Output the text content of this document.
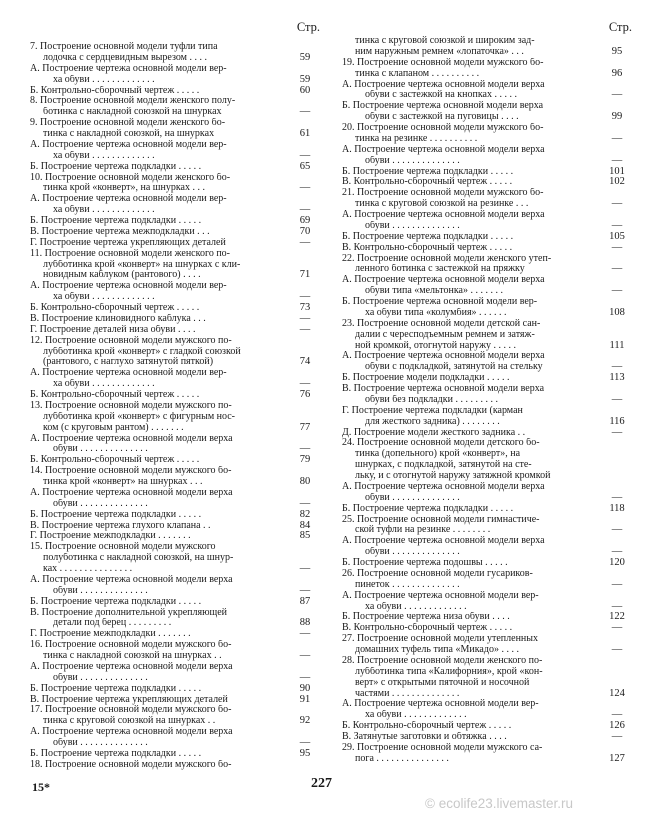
Стр.
7. Построение основной модели туфли типа
лодочка с сердцевидным вырезом . . . .	59
А. Построение чертежа основной модели вер-
ха обуви . . . . . . . . . . . . .	59
Б. Контрольно-сборочный чертеж . . . . .	60
8. Построение основной модели женского полу-
ботинка с накладной союзкой на шнурках	—
9. Построение основной модели женского бо-
тинка с накладной союзкой, на шнурках	61
А. Построение чертежа основной модели вер-
ха обуви . . . . . . . . . . . . .	—
Б. Построение чертежа подкладки . . . . .	65
10. Построение основной модели женского бо-
тинка крой «конверт», на шнурках . . .	—
А. Построение чертежа основной модели вер-
ха обуви . . . . . . . . . . . . .	—
Б. Построение чертежа подкладки . . . . .	69
В. Построение чертежа межподкладки . . .	70
Г. Построение чертежа укрепляющих деталей	—
11. Построение основной модели женского по-
лубботинка крой «конверт» на шнурках с кли-
новидным каблуком (рантового) . . . .	71
А. Построение чертежа основной модели вер-
ха обуви . . . . . . . . . . . . .	—
Б. Контрольно-сборочный чертеж . . . . .	73
В. Построение клиновидного каблука . . .	—
Г. Построение деталей низа обуви . . . .	—
12. Построение основной модели мужского по-
лубботинка крой «конверт» с гладкой союзкой
(рантового, с наглухо затянутой пяткой)	74
А. Построение чертежа основной модели вер-
ха обуви . . . . . . . . . . . . .	—
Б. Контрольно-сборочный чертеж . . . . .	76
13. Построение основной модели мужского по-
лубботинка крой «конверт» с фигурным нос-
ком (с круговым рантом) . . . . . . .	77
А. Построение чертежа основной модели верха
обуви . . . . . . . . . . . . . .	—
Б. Контрольно-сборочный чертеж . . . . .	79
14. Построение основной модели мужского бо-
тинка крой «конверт» на шнурках . . .	80
А. Построение чертежа основной модели верха
обуви . . . . . . . . . . . . . .	—
Б. Построение чертежа подкладки . . . . .	82
В. Построение чертежа глухого клапана . .	84
Г. Построение межподкладки . . . . . . .	85
15. Построение основной модели мужского
полуботинка с накладной союзкой, на шнур-
ках . . . . . . . . . . . . . . .	—
А. Построение чертежа основной модели верха
обуви . . . . . . . . . . . . . .	—
Б. Построение чертежа подкладки . . . . .	87
В. Построение дополнительной укрепляющей
детали под берец . . . . . . . . .	88
Г. Построение межподкладки . . . . . . .	—
16. Построение основной модели мужского бо-
тинка с накладной союзкой на шнурках . .	—
А. Построение чертежа основной модели верха
обуви . . . . . . . . . . . . . .	—
Б. Построение чертежа подкладки . . . . .	90
В. Построение чертежа укрепляющих деталей	91
17. Построение основной модели мужского бо-
тинка с круговой союзкой на шнурках . .	92
А. Построение чертежа основной модели верха
обуви . . . . . . . . . . . . . .	—
Б. Построение чертежа подкладки . . . . .	95
18. Построение основной модели мужского бо-
Стр.
тинка с круговой союзкой и широким зад-
ним наружным ремнем «лопаточка» . . .	95
19. Построение основной модели мужского бо-
тинка с клапаном . . . . . . . . . .	96
А. Построение чертежа основной модели верха
обуви с застежкой на кнопках . . . . .	—
Б. Построение чертежа основной модели верха
обуви с застежкой на пуговицы . . . .	99
20. Построение основной модели мужского бо-
тинка на резинке . . . . . . . . . .	—
А. Построение чертежа основной модели верха
обуви . . . . . . . . . . . . . .	—
Б. Построение чертежа подкладки . . . . .	101
В. Контрольно-сборочный чертеж . . . . .	102
21. Построение основной модели мужского бо-
тинка с круговой союзкой на резинке . . .	—
А. Построение чертежа основной модели верха
обуви . . . . . . . . . . . . . .	—
Б. Построение чертежа подкладки . . . . .	105
В. Контрольно-сборочный чертеж . . . . .	—
22. Построение основной модели женского утеп-
ленного ботинка с застежкой на пряжку	—
А. Построение чертежа основной модели верха
обуви типа «мельтонка» . . . . . . .	—
Б. Построение чертежа основной модели вер-
ха обуви типа «колумбия» . . . . . .	108
23. Построение основной модели детской сан-
далии с чересподъемным ремнем и затяж-
ной кромкой, отогнутой наружу . . . . .	111
А. Построение чертежа основной модели верха
обуви с подкладкой, затянутой на стельку	—
Б. Построение модели подкладки . . . . .	113
В. Построение чертежа основной модели верха
обуви без подкладки . . . . . . . . .	—
Г. Построение чертежа подкладки (карман
для жесткого задника) . . . . . . . .	116
Д. Построение модели жесткого задника . .	—
24. Построение основной модели детского бо-
тинка (допельного) крой «конверт», на
шнурках, с подкладкой, затянутой на сте-
льку, и с отогнутой наружу затяжной кромкой
А. Построение чертежа основной модели верха
обуви . . . . . . . . . . . . . .	—
Б. Построение чертежа подкладки . . . . .	118
25. Построение основной модели гимнастиче-
ской туфли на резинке . . . . . . . .	—
А. Построение чертежа основной модели верха
обуви . . . . . . . . . . . . . .	—
Б. Построение чертежа подошвы . . . . .	120
26. Построение основной модели гусариков-
пинеток . . . . . . . . . . . . . .	—
А. Построение чертежа основной модели вер-
ха обуви . . . . . . . . . . . . .	—
Б. Построение чертежа низа обуви . . . .	122
В. Контрольно-сборочный чертеж . . . . .	—
27. Построение основной модели утепленных
домашних туфель типа «Микадо» . . . .	—
28. Построение основной модели женского по-
лубботинка типа «Калифорния», крой «кон-
верт» с открытыми пяточной и носочной
частями . . . . . . . . . . . . . .	124
А. Построение чертежа основной модели вер-
ха обуви . . . . . . . . . . . . .	—
Б. Контрольно-сборочный чертеж . . . . .	126
В. Затянутые заготовки и обтяжка . . . .	—
29. Построение основной модели мужского са-
пога . . . . . . . . . . . . . . .	127
15*	227
© ecolife23.livemaster.ru
